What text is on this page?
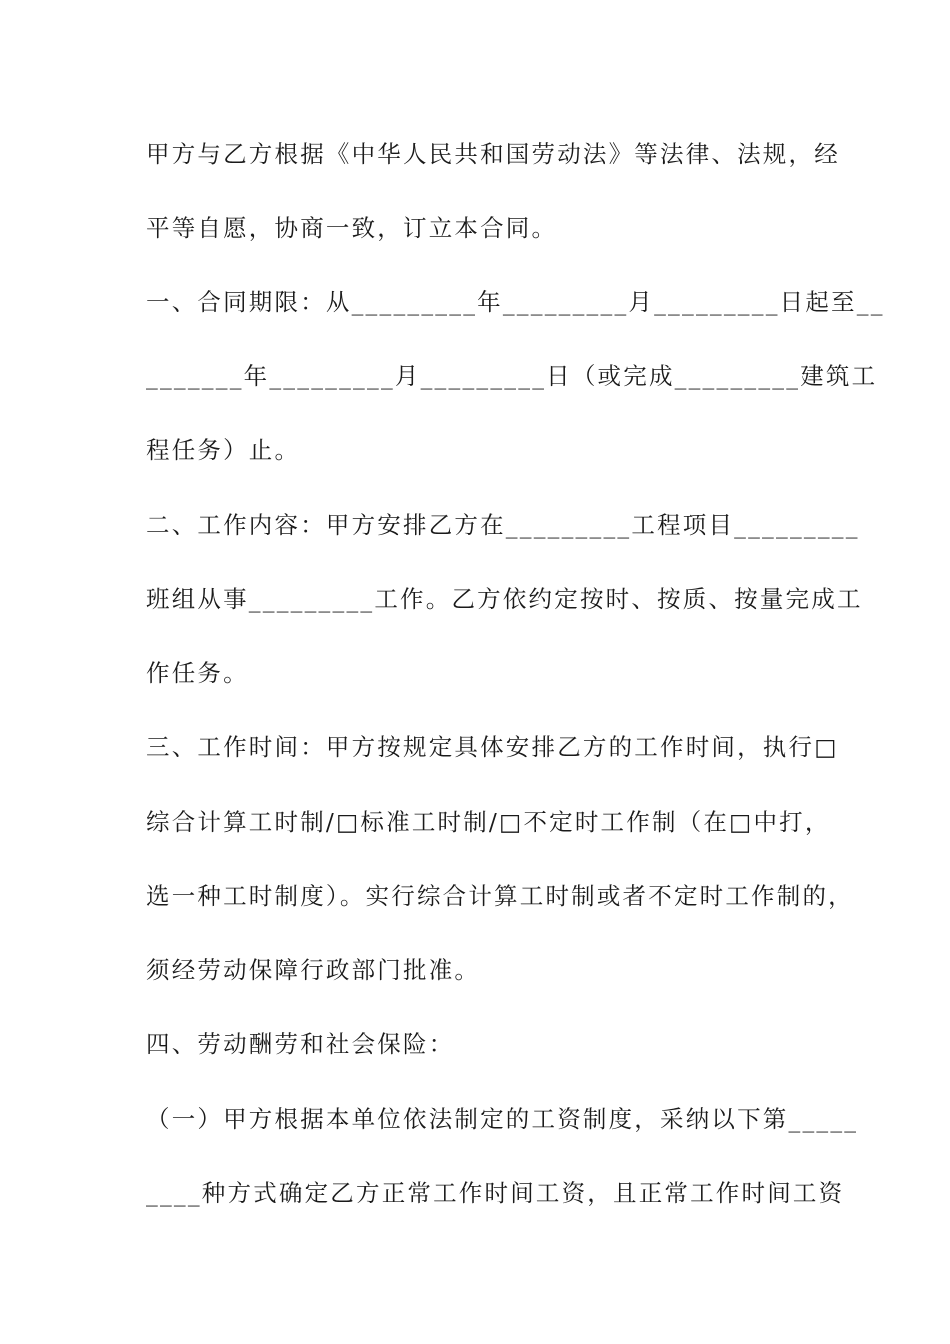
甲方与乙方根据《中华人民共和国劳动法》等法律、法规，经

平等自愿，协商一致，订立本合同。

一、合同期限：从_________年_________月_________日起至__

_______年_________月_________日（或完成_________建筑工

程任务）止。

二、工作内容：甲方安排乙方在_________工程项目_________

班组从事_________工作。乙方依约定按时、按质、按量完成工

作任务。

三、工作时间：甲方按规定具体安排乙方的工作时间，执行□

综合计算工时制/□标准工时制/□不定时工作制（在□中打，

选一种工时制度）。实行综合计算工时制或者不定时工作制的，

须经劳动保障行政部门批准。

四、劳动酬劳和社会保险：

（一）甲方根据本单位依法制定的工资制度，采纳以下第_____

____种方式确定乙方正常工作时间工资，且正常工作时间工资
